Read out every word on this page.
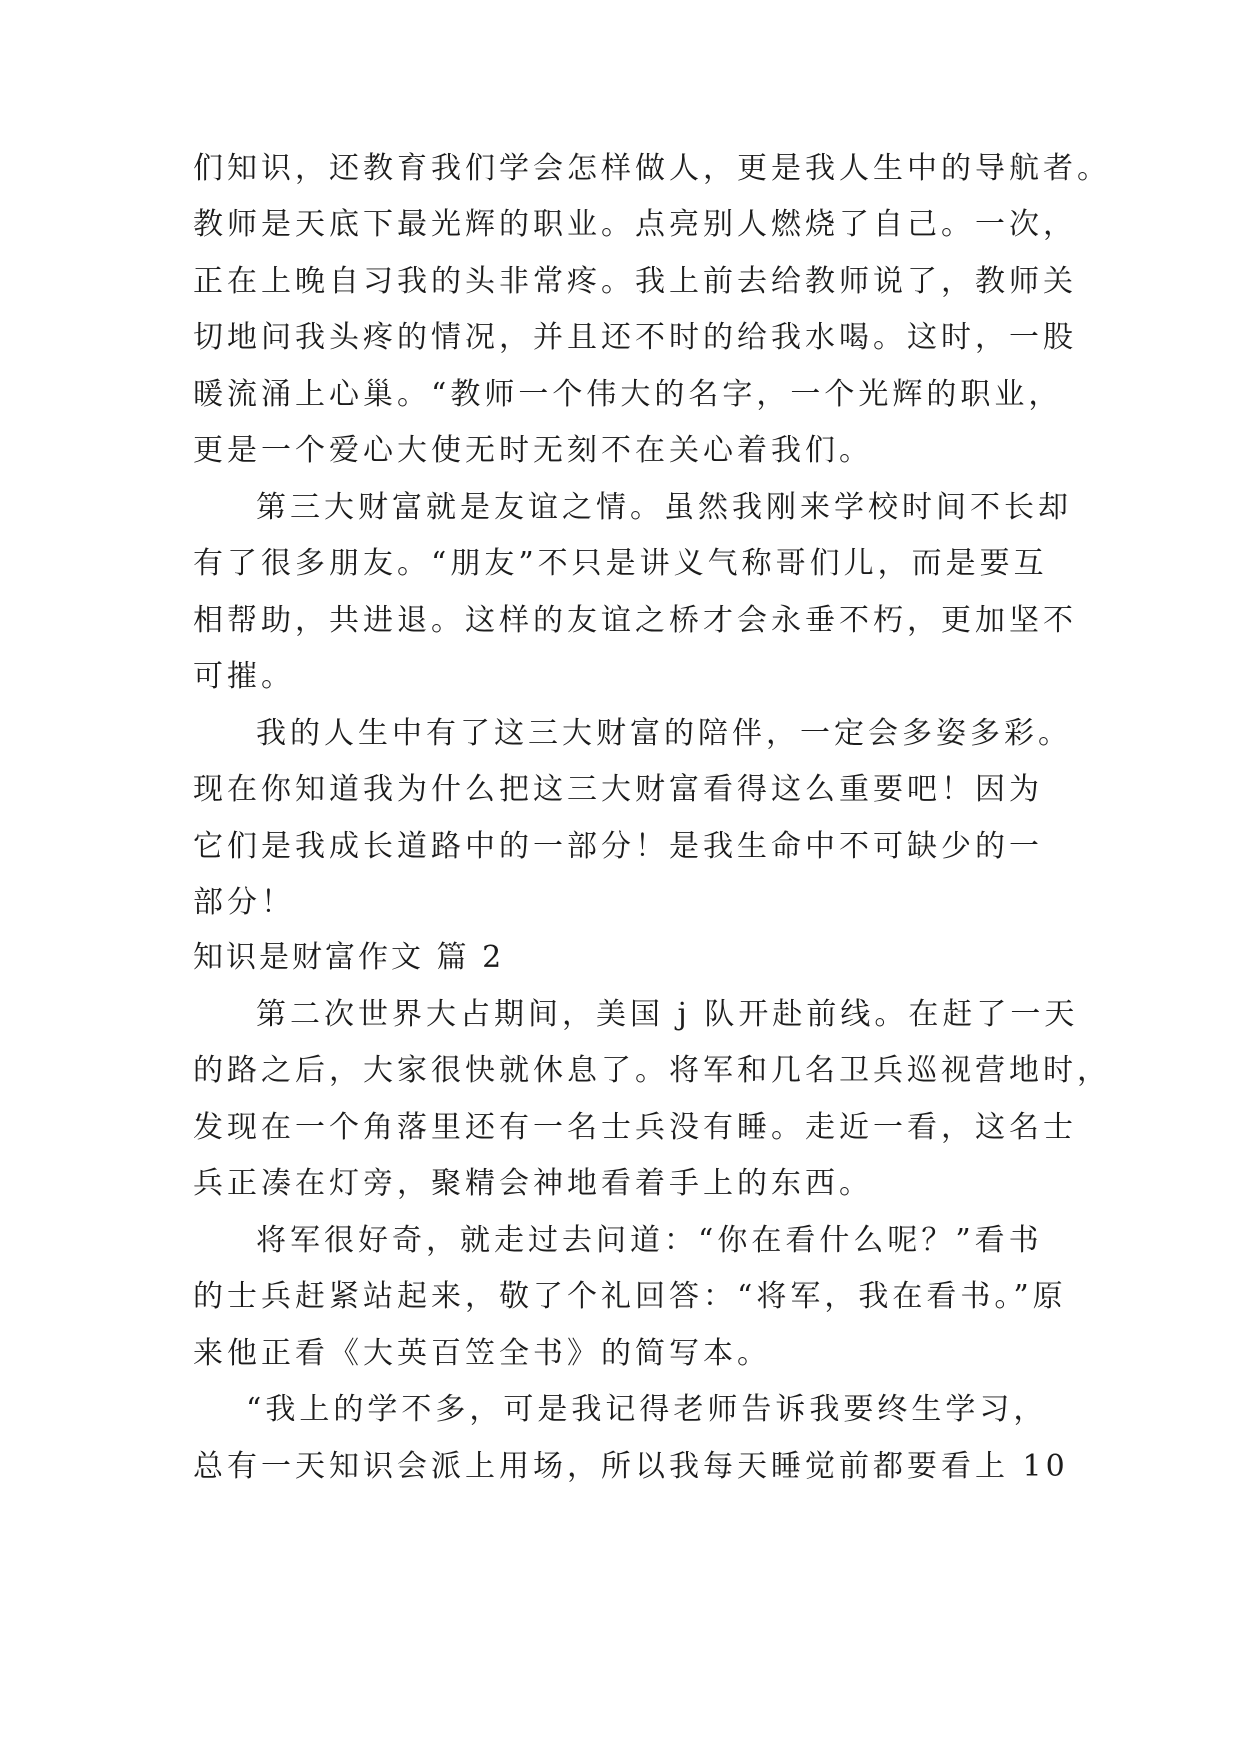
们知识，还教育我们学会怎样做人，更是我人生中的导航者。
教师是天底下最光辉的职业。点亮别人燃烧了自己。一次，
正在上晚自习我的头非常疼。我上前去给教师说了，教师关
切地问我头疼的情况，并且还不时的给我水喝。这时，一股
暖流涌上心巢。“教师一个伟大的名字，一个光辉的职业，
更是一个爱心大使无时无刻不在关心着我们。
第三大财富就是友谊之情。虽然我刚来学校时间不长却
有了很多朋友。“朋友”不只是讲义气称哥们儿，而是要互
相帮助，共进退。这样的友谊之桥才会永垂不朽，更加坚不
可摧。
我的人生中有了这三大财富的陪伴，一定会多姿多彩。
现在你知道我为什么把这三大财富看得这么重要吧！因为
它们是我成长道路中的一部分！是我生命中不可缺少的一
部分！
知识是财富作文 篇 2
第二次世界大占期间，美国 j 队开赴前线。在赶了一天
的路之后，大家很快就休息了。将军和几名卫兵巡视营地时，
发现在一个角落里还有一名士兵没有睡。走近一看，这名士
兵正凑在灯旁，聚精会神地看着手上的东西。
将军很好奇，就走过去问道：“你在看什么呢？”看书
的士兵赶紧站起来，敬了个礼回答：“将军，我在看书。”原
来他正看《大英百笠全书》的简写本。
“我上的学不多，可是我记得老师告诉我要终生学习，
总有一天知识会派上用场，所以我每天睡觉前都要看上 10
